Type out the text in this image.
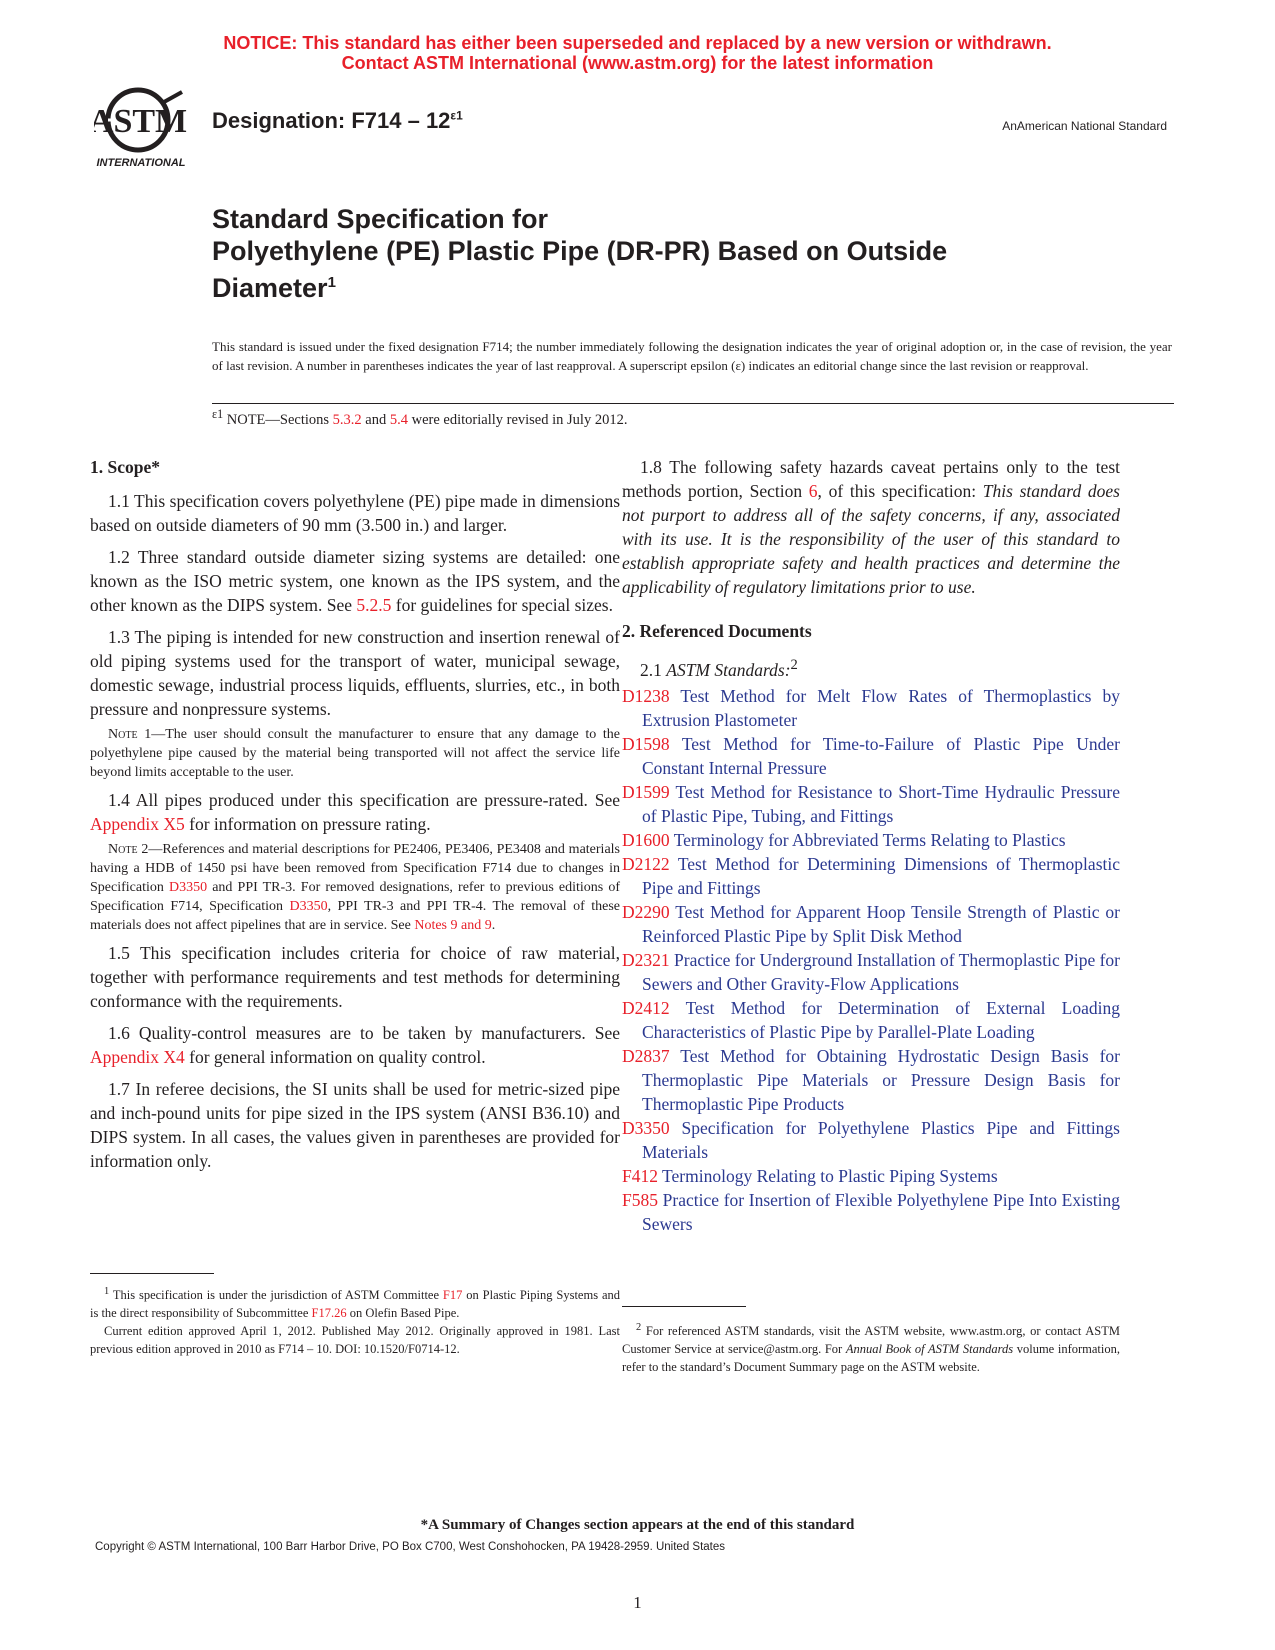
NOTICE: This standard has either been superseded and replaced by a new version or withdrawn.
Contact ASTM International (www.astm.org) for the latest information
ASTM
INTERNATIONAL
Designation: $F714 - 12^{\varepsilon 1}$
AnAmerican National Standard
Standard Specification for
Polyethylene (PE) Plastic Pipe (DR-PR) Based on Outside
Diameter$^1$
This standard is issued under the fixed designation F714; the number immediately following the designation indicates the year of original adoption or, in the case of revision, the year of last revision. A number in parentheses indicates the year of last reapproval. A superscript epsilon (ε) indicates an editorial change since the last revision or reapproval.
$^{\varepsilon 1}$ NOTE—Sections 5.3.2 and 5.4 were editorially revised in July 2012.
1. Scope*

1.1 This specification covers polyethylene (PE) pipe made in dimensions based on outside diameters of 90 mm (3.500 in.) and larger.

1.2 Three standard outside diameter sizing systems are detailed: one known as the ISO metric system, one known as the IPS system, and the other known as the DIPS system. See 5.2.5 for guidelines for special sizes.

1.3 The piping is intended for new construction and insertion renewal of old piping systems used for the transport of water, municipal sewage, domestic sewage, industrial process liquids, effluents, slurries, etc., in both pressure and nonpressure systems.

Note 1—The user should consult the manufacturer to ensure that any damage to the polyethylene pipe caused by the material being transported will not affect the service life beyond limits acceptable to the user.

1.4 All pipes produced under this specification are pressure-rated. See Appendix X5 for information on pressure rating.

Note 2—References and material descriptions for PE2406, PE3406, PE3408 and materials having a HDB of 1450 psi have been removed from Specification F714 due to changes in Specification D3350 and PPI TR-3. For removed designations, refer to previous editions of Specification F714, Specification D3350, PPI TR-3 and PPI TR-4. The removal of these materials does not affect pipelines that are in service. See Notes 9 and 9.

1.5 This specification includes criteria for choice of raw material, together with performance requirements and test methods for determining conformance with the requirements.

1.6 Quality-control measures are to be taken by manufacturers. See Appendix X4 for general information on quality control.

1.7 In referee decisions, the SI units shall be used for metric-sized pipe and inch-pound units for pipe sized in the IPS system (ANSI B36.10) and DIPS system. In all cases, the values given in parentheses are provided for information only.

$^1$ This specification is under the jurisdiction of ASTM Committee F17 on Plastic Piping Systems and is the direct responsibility of Subcommittee F17.26 on Olefin Based Pipe.

Current edition approved April 1, 2012. Published May 2012. Originally approved in 1981. Last previous edition approved in 2010 as F714 – 10. DOI: 10.1520/F0714-12.

1.8 The following safety hazards caveat pertains only to the test methods portion, Section 6, of this specification: This standard does not purport to address all of the safety concerns, if any, associated with its use. It is the responsibility of the user of this standard to establish appropriate safety and health practices and determine the applicability of regulatory limitations prior to use.

2. Referenced Documents
2.1 ASTM Standards:$^2$
D1238 Test Method for Melt Flow Rates of Thermoplastics by Extrusion Plastometer
D1598 Test Method for Time-to-Failure of Plastic Pipe Under Constant Internal Pressure
D1599 Test Method for Resistance to Short-Time Hydraulic Pressure of Plastic Pipe, Tubing, and Fittings
D1600 Terminology for Abbreviated Terms Relating to Plastics
D2122 Test Method for Determining Dimensions of Thermoplastic Pipe and Fittings
D2290 Test Method for Apparent Hoop Tensile Strength of Plastic or Reinforced Plastic Pipe by Split Disk Method
D2321 Practice for Underground Installation of Thermoplastic Pipe for Sewers and Other Gravity-Flow Applications
D2412 Test Method for Determination of External Loading Characteristics of Plastic Pipe by Parallel-Plate Loading
D2837 Test Method for Obtaining Hydrostatic Design Basis for Thermoplastic Pipe Materials or Pressure Design Basis for Thermoplastic Pipe Products
D3350 Specification for Polyethylene Plastics Pipe and Fittings Materials
F412 Terminology Relating to Plastic Piping Systems
F585 Practice for Insertion of Flexible Polyethylene Pipe Into Existing Sewers

$^2$ For referenced ASTM standards, visit the ASTM website, www.astm.org, or contact ASTM Customer Service at service@astm.org. For Annual Book of ASTM Standards volume information, refer to the standard’s Document Summary page on the ASTM website.

*A Summary of Changes section appears at the end of this standard
Copyright © ASTM International, 100 Barr Harbor Drive, PO Box C700, West Conshohocken, PA 19428-2959. United States
1
